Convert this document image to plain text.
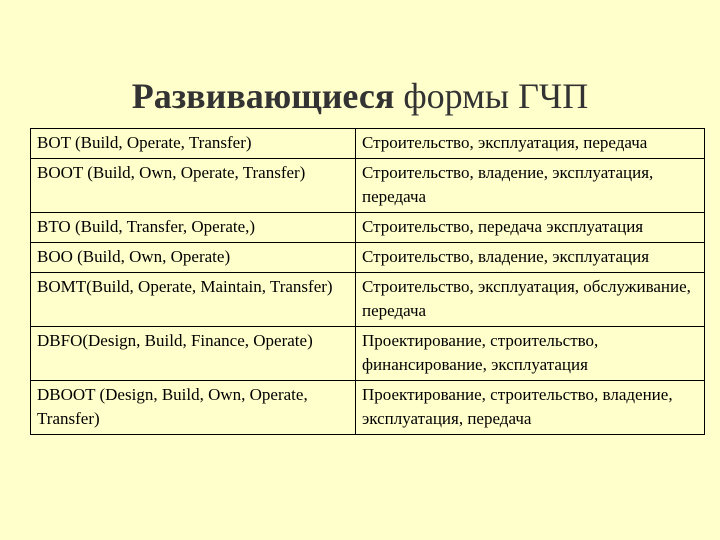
Развивающиеся формы ГЧП
BOT (Build, Operate, Transfer)	Строительство, эксплуатация, передача

BOOT (Build, Own, Operate, Transfer)	Строительство, владение, эксплуатация, передача

BTO (Build, Transfer, Operate,)	Строительство, передача эксплуатация

BOO (Build, Own, Operate)	Строительство, владение, эксплуатация

BOMT(Build, Operate, Maintain, Transfer)	Строительство, эксплуатация, обслуживание, передача

DBFO(Design, Build, Finance, Operate)	Проектирование, строительство, финансирование, эксплуатация

DBOOT (Design, Build, Own, Operate, Transfer)	Проектирование, строительство, владение, эксплуатация, передача
